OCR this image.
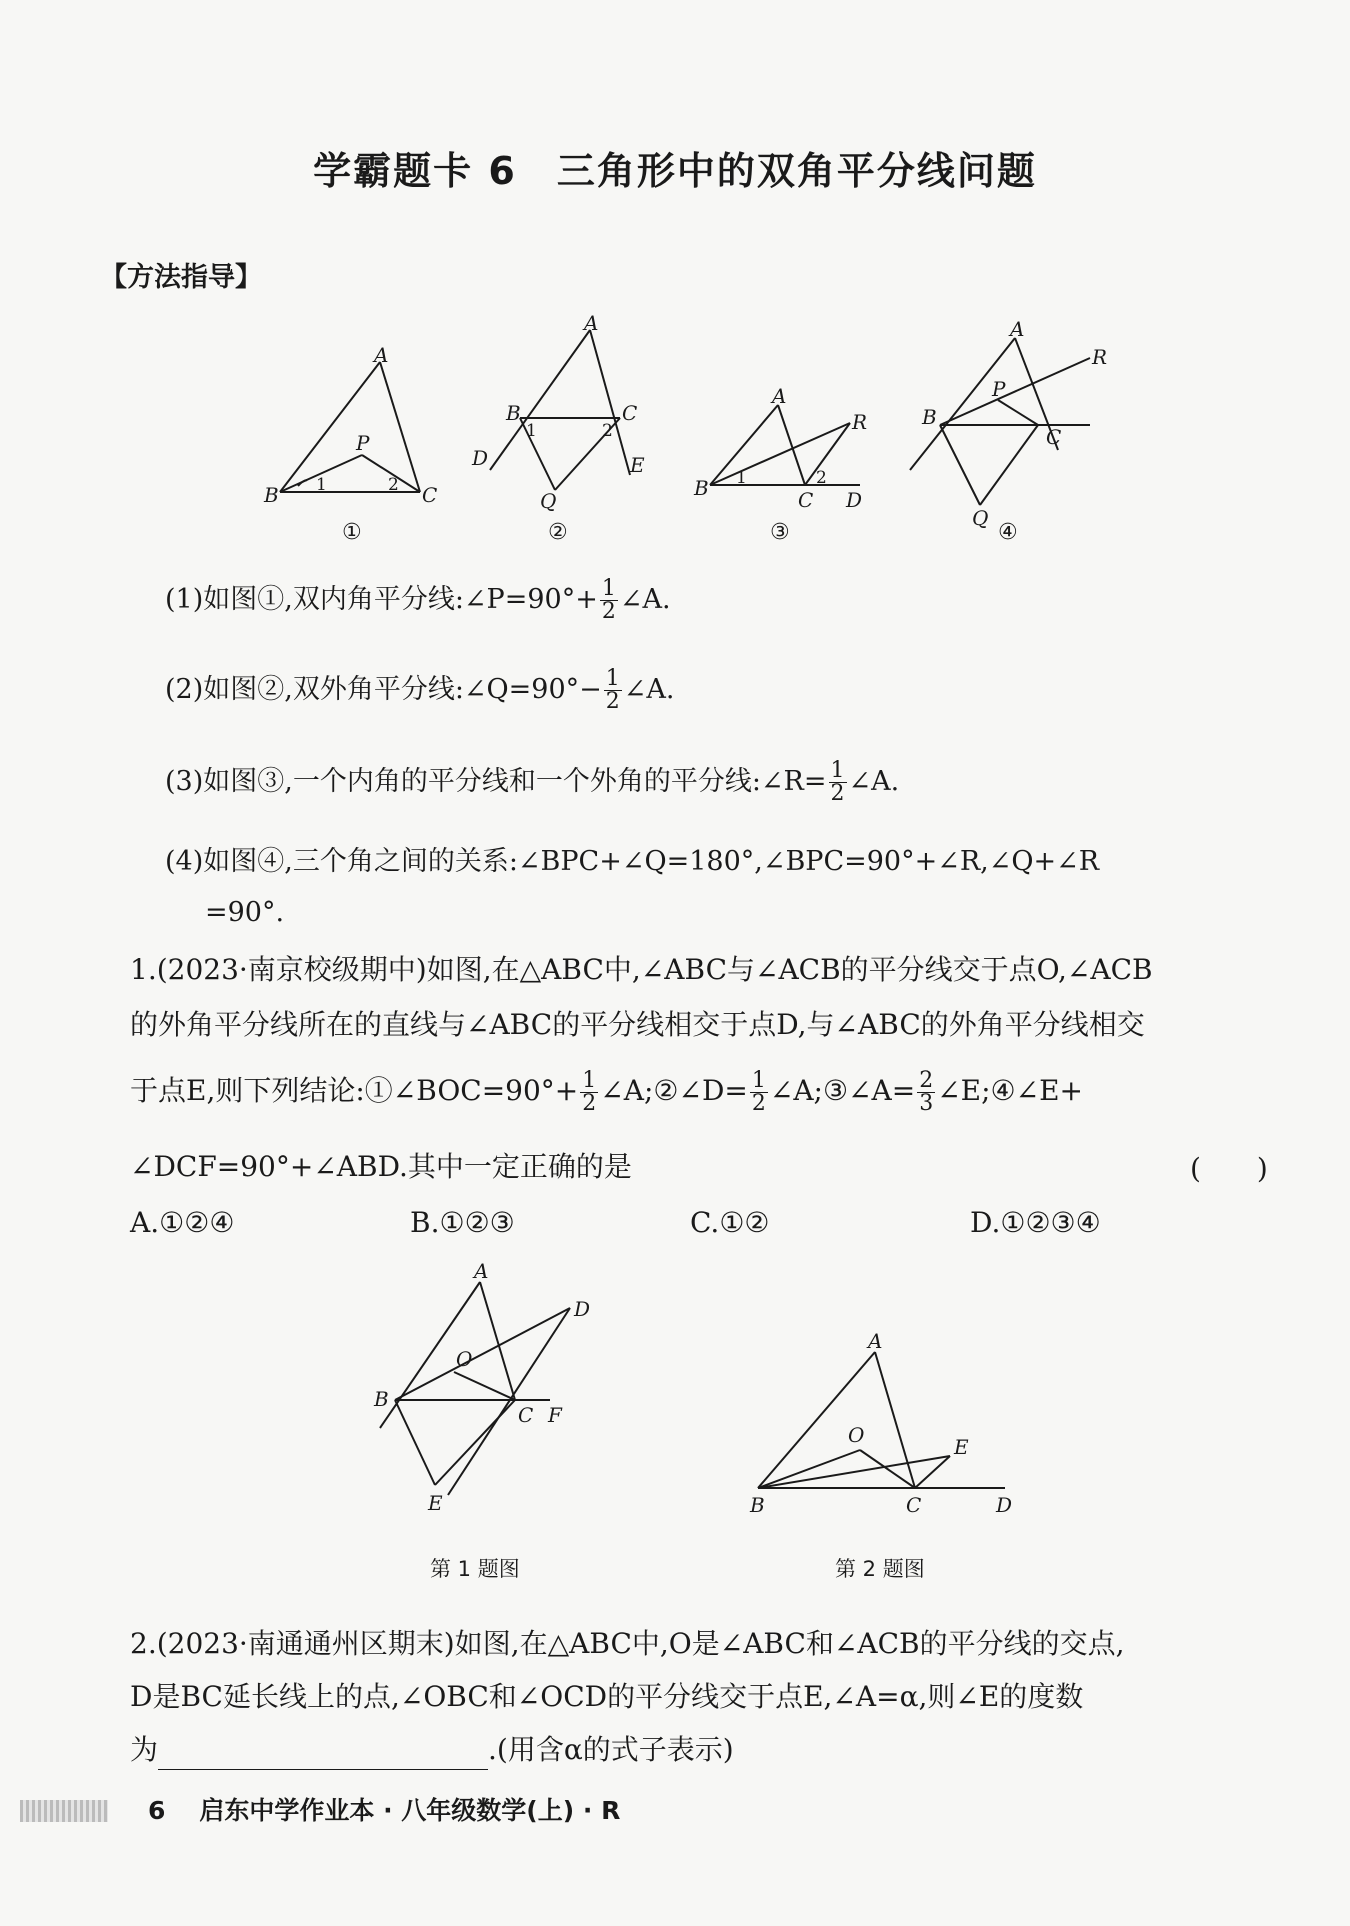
学霸题卡 6　三角形中的双角平分线问题
【方法指导】
A
B	C
P
1	2
①
A
B	C
D	E
Q
1	2
②
A
B	C D
R
1	2
③
A
B
C
P
Q
R
④
(1)如图①,双内角平分线:∠P=90°+ $\frac{1}{2}$ ∠A.
(2)如图②,双外角平分线:∠Q=90°− $\frac{1}{2}$ ∠A.
(3)如图③,一个内角的平分线和一个外角的平分线:∠R= $\frac{1}{2}$ ∠A.
(4)如图④,三个角之间的关系:∠BPC+∠Q=180°,∠BPC=90°+∠R,∠Q+∠R
=90°.
1.(2023·南京校级期中)如图,在△ABC中,∠ABC与∠ACB的平分线交于点O,∠ACB
的外角平分线所在的直线与∠ABC的平分线相交于点D,与∠ABC的外角平分线相交
于点E,则下列结论:①∠BOC=90°+ $\frac{1}{2}$ ∠A;②∠D= $\frac{1}{2}$ ∠A;③∠A= $\frac{2}{3}$ ∠E;④∠E+
∠DCF=90°+∠ABD.其中一定正确的是	(　　)
A.①②④	B.①②③	C.①②	D.①②③④
A
B
C
D
E
F
O
第 1 题图
A
B	C	D
E
O
第 2 题图
2.(2023·南通通州区期末)如图,在△ABC中,O是∠ABC和∠ACB的平分线的交点,
D是BC延长线上的点,∠OBC和∠OCD的平分线交于点E,∠A=α,则∠E的度数
为	.(用含α的式子表示)
6 启东中学作业本 · 八年级数学(上) · R
